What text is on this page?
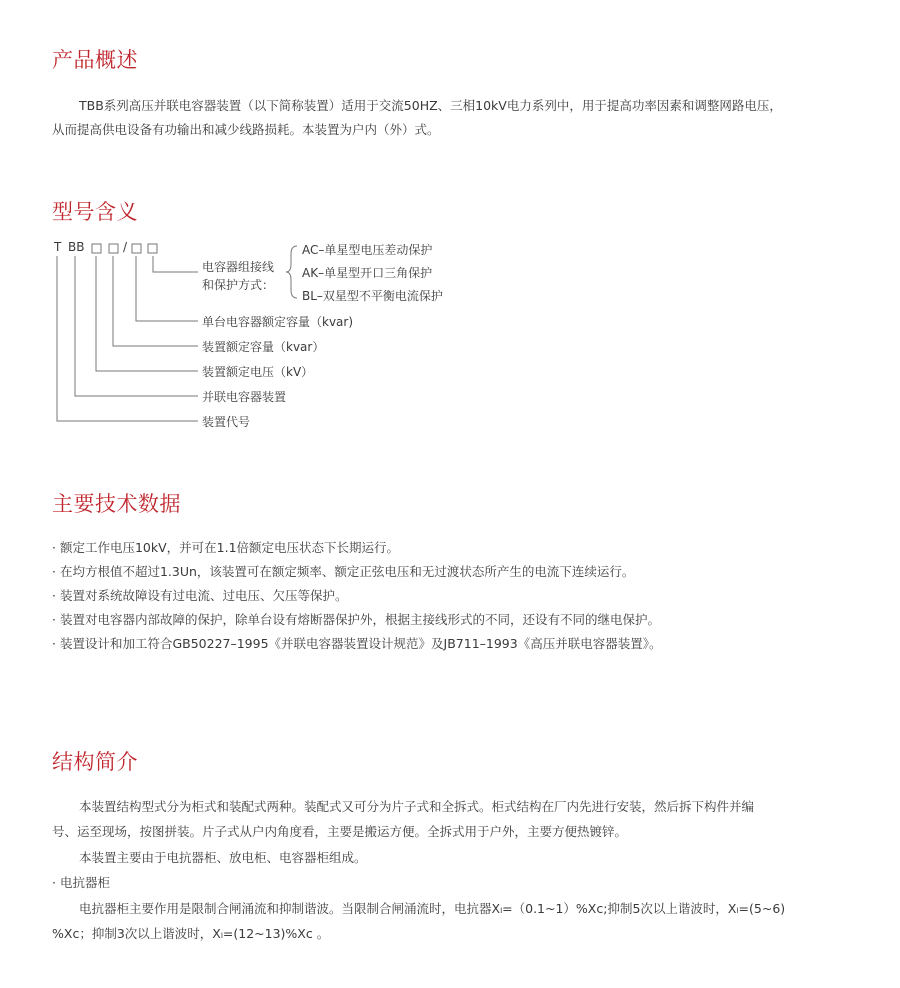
产品概述
TBB系列高压并联电容器装置（以下简称装置）适用于交流50HZ、三相10kV电力系列中，用于提高功率因素和调整网路电压，
从而提高供电设备有功输出和减少线路损耗。本装置为户内（外）式。
型号含义
T BB	/
电容器组接线
和保护方式：
AC–单星型电压差动保护
AK–单星型开口三角保护
BL–双星型不平衡电流保护
单台电容器额定容量（kvar)
装置额定容量（kvar）
装置额定电压（kV）
并联电容器装置
装置代号
主要技术数据
· 额定工作电压10kV，并可在1.1倍额定电压状态下长期运行。
· 在均方根值不超过1.3Un，该装置可在额定频率、额定正弦电压和无过渡状态所产生的电流下连续运行。
· 装置对系统故障设有过电流、过电压、欠压等保护。
· 装置对电容器内部故障的保护，除单台设有熔断器保护外，根据主接线形式的不同，还设有不同的继电保护。
· 装置设计和加工符合GB50227–1995《并联电容器装置设计规范》及JB711–1993《高压并联电容器装置》。
结构简介
本装置结构型式分为柜式和装配式两种。装配式又可分为片子式和全拆式。柜式结构在厂内先进行安装，然后拆下构件并编
号、运至现场，按图拼装。片子式从户内角度看，主要是搬运方便。全拆式用于户外，主要方便热镀锌。
本装置主要由于电抗器柜、放电柜、电容器柜组成。
· 电抗器柜
电抗器柜主要作用是限制合闸涌流和抑制谐波。当限制合闸涌流时，电抗器Xₗ=（0.1~1）%Xᴄ;抑制5次以上谐波时，Xₗ=(5~6)
%Xᴄ；抑制3次以上谐波时，Xₗ=(12~13)%Xᴄ 。
